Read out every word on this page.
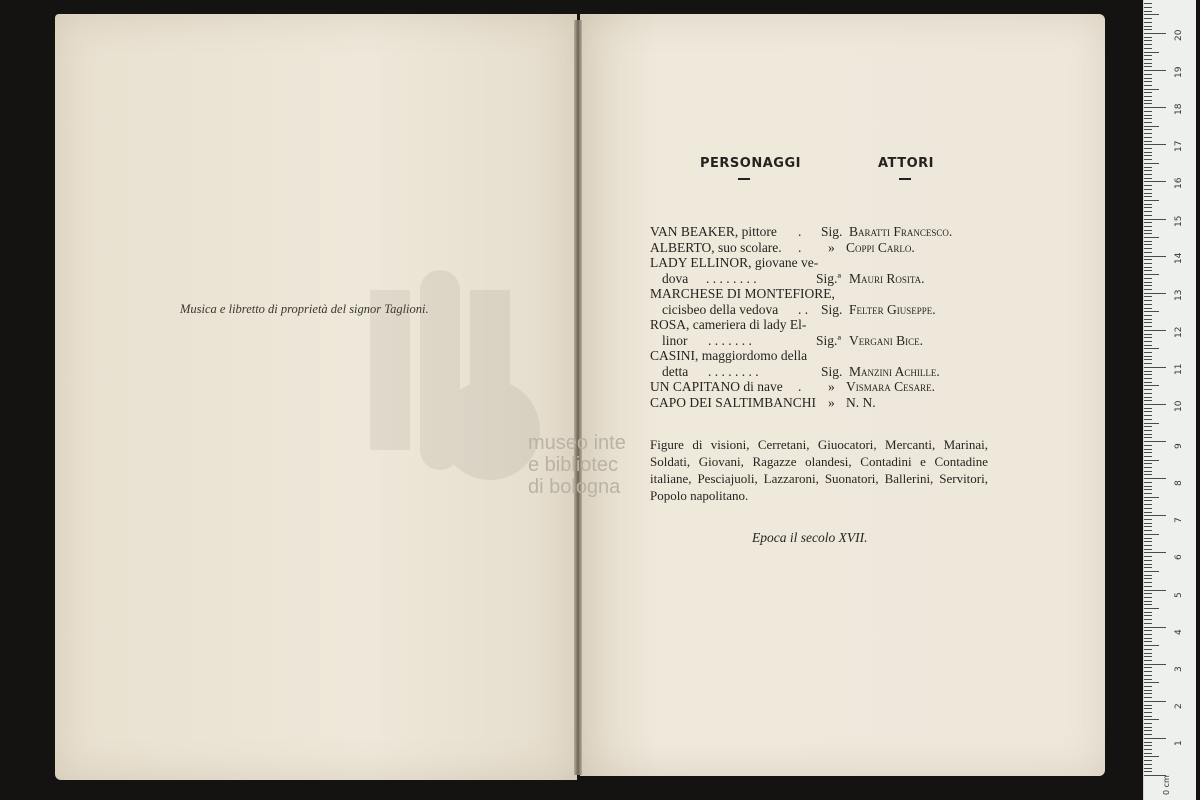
Musica e libretto di proprietà del signor Taglioni.
museo inte
e bibliotec
di bologna
PERSONAGGI	ATTORI
VAN BEAKER, pittore . Sig. Baratti Francesco.
ALBERTO, suo scolare. . » Coppi Carlo.
LADY ELLINOR, giovane ve-
dova . . . . . . . .	Sig.ª Mauri Rosita.
MARCHESE DI MONTEFIORE,
cicisbeo della vedova . . Sig. Felter Giuseppe.
ROSA, cameriera di lady El-
linor . . . . . . .	Sig.ª Vergani Bice.
CASINI, maggiordomo della
detta . . . . . . . .	Sig. Manzini Achille.
UN CAPITANO di nave . » Vismara Cesare.
CAPO DEI SALTIMBANCHI » N. N.

Figure di visioni, Cerretani, Giuocatori, Mercanti, Marinai, Soldati, Giovani, Ragazze olandesi, Contadini e Contadine italiane, Pesciajuoli, Lazzaroni, Suonatori, Ballerini, Servitori, Popolo napolitano.

Epoca il secolo XVII.
20
19
18
17
16
15
14
13
12
11
10
9
8
7
6
5
4
3
2
1
0 cm
